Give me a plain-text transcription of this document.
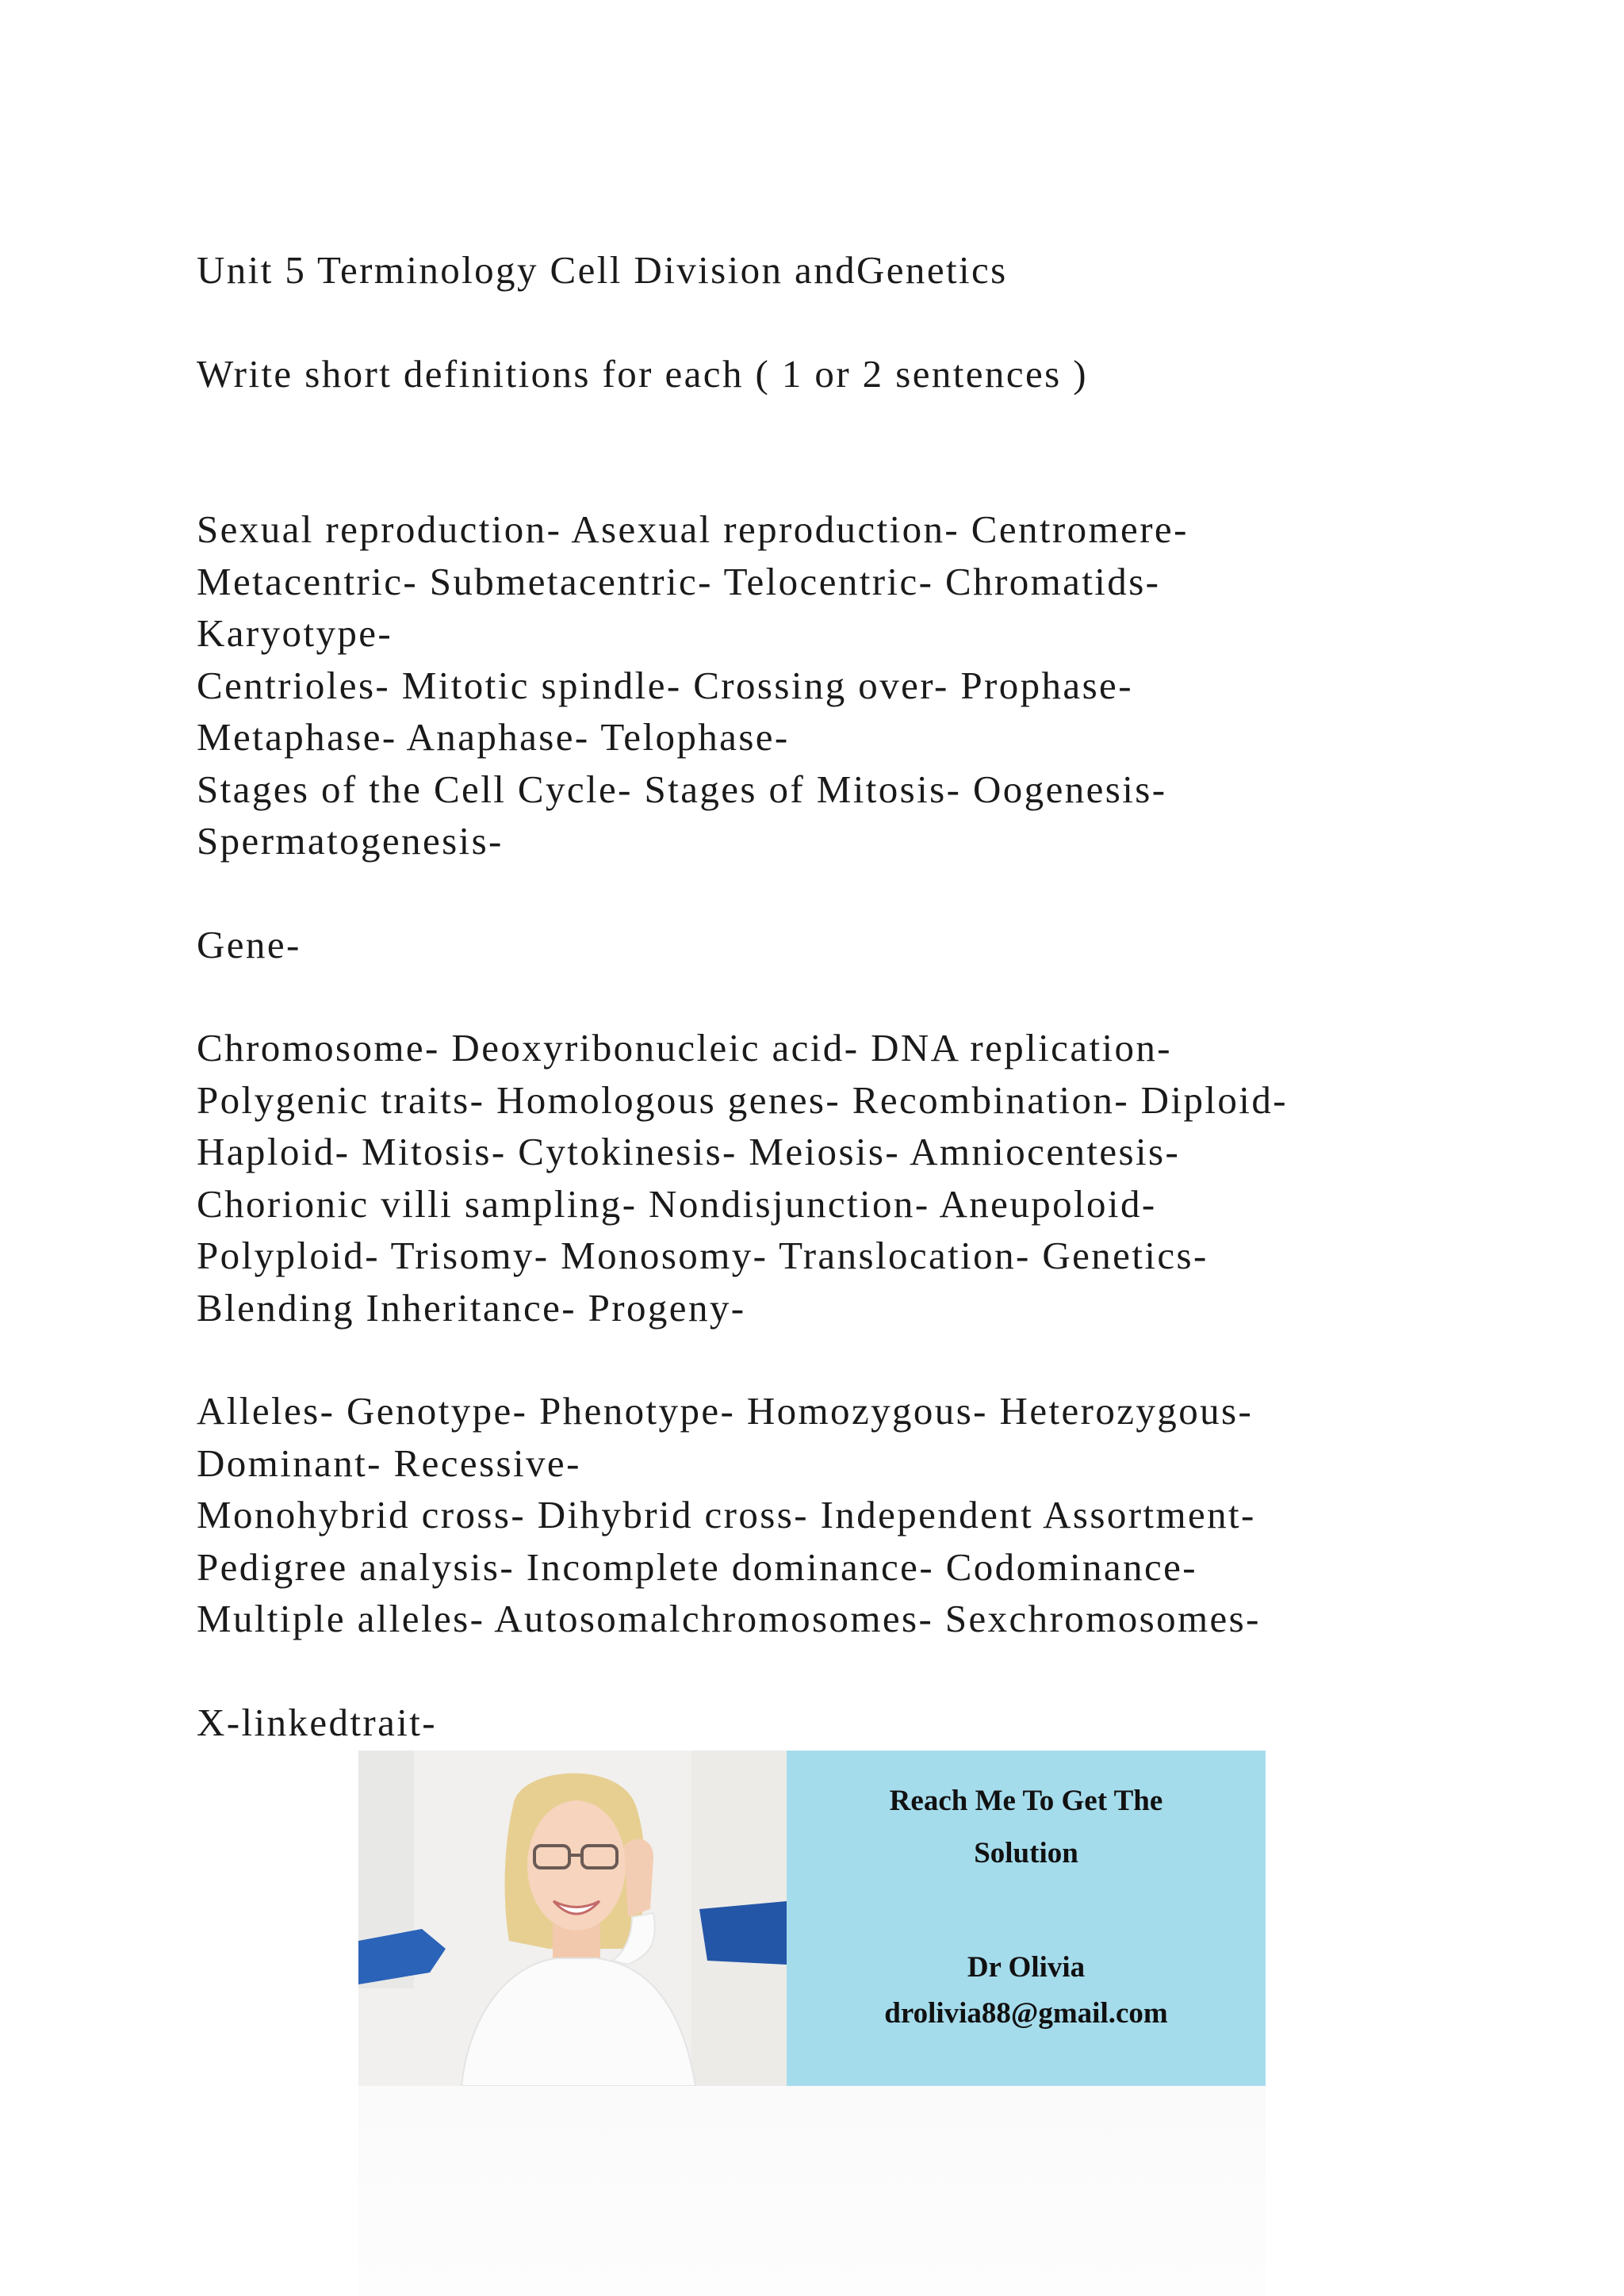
Unit 5 Terminology Cell Division andGenetics
Write short definitions for each ( 1 or 2 sentences )
Sexual reproduction- Asexual reproduction- Centromere-
Metacentric- Submetacentric- Telocentric- Chromatids-
Karyotype-
Centrioles- Mitotic spindle- Crossing over- Prophase-
Metaphase- Anaphase- Telophase-
Stages of the Cell Cycle- Stages of Mitosis- Oogenesis-
Spermatogenesis-
Gene-
Chromosome- Deoxyribonucleic acid- DNA replication-
Polygenic traits- Homologous genes- Recombination- Diploid-
Haploid- Mitosis- Cytokinesis- Meiosis- Amniocentesis-
Chorionic villi sampling- Nondisjunction- Aneupoloid-
Polyploid- Trisomy- Monosomy- Translocation- Genetics-
Blending Inheritance- Progeny-
Alleles- Genotype- Phenotype- Homozygous- Heterozygous-
Dominant- Recessive-
Monohybrid cross- Dihybrid cross- Independent Assortment-
Pedigree analysis- Incomplete dominance- Codominance-
Multiple alleles- Autosomalchromosomes- Sexchromosomes-
X-linkedtrait-
Reach Me To Get The
Solution
Dr Olivia
drolivia88@gmail.com
